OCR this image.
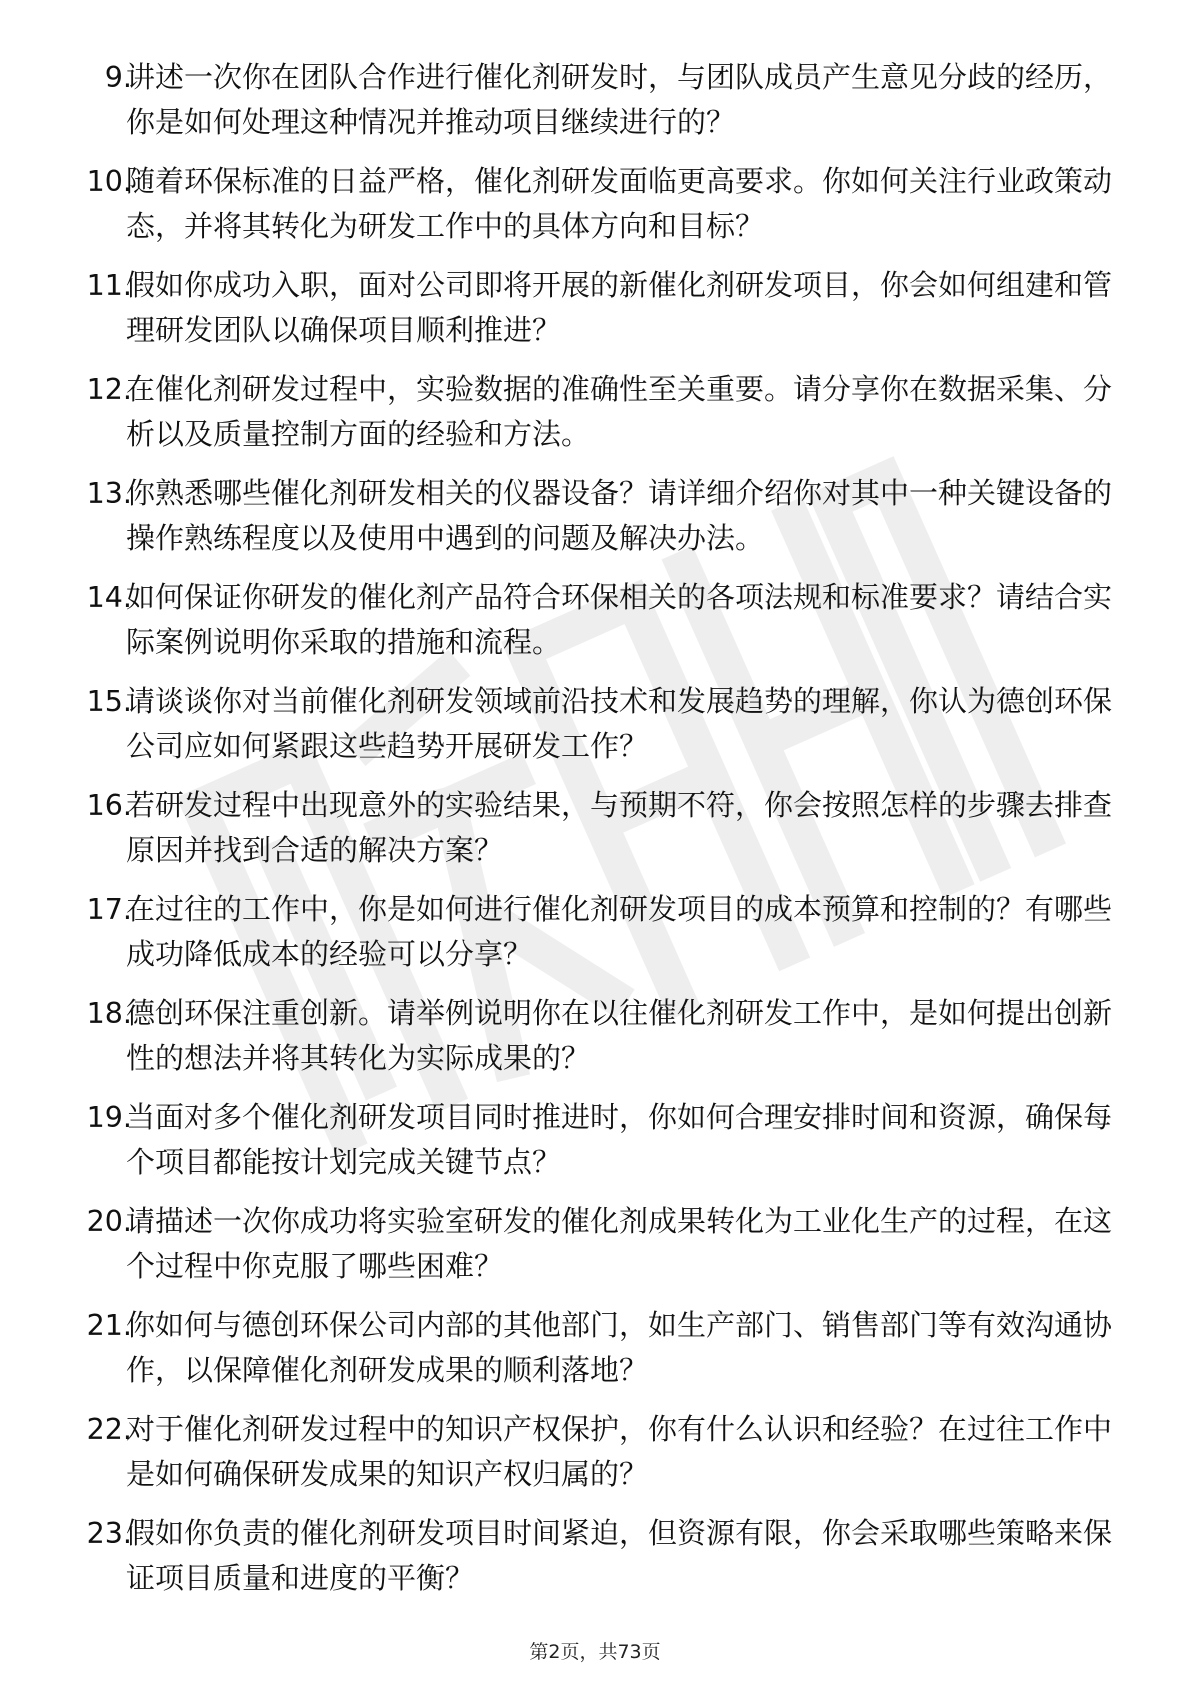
9.
讲述一次你在团队合作进行催化剂研发时，与团队成员产生意见分歧的经历，你是如何处理这种情况并推动项目继续进行的？
10.
随着环保标准的日益严格，催化剂研发面临更高要求。你如何关注行业政策动态，并将其转化为研发工作中的具体方向和目标？
11.
假如你成功入职，面对公司即将开展的新催化剂研发项目，你会如何组建和管理研发团队以确保项目顺利推进？
12.
在催化剂研发过程中，实验数据的准确性至关重要。请分享你在数据采集、分析以及质量控制方面的经验和方法。
13.
你熟悉哪些催化剂研发相关的仪器设备？请详细介绍你对其中一种关键设备的操作熟练程度以及使用中遇到的问题及解决办法。
14.
如何保证你研发的催化剂产品符合环保相关的各项法规和标准要求？请结合实际案例说明你采取的措施和流程。
15.
请谈谈你对当前催化剂研发领域前沿技术和发展趋势的理解，你认为德创环保公司应如何紧跟这些趋势开展研发工作？
16.
若研发过程中出现意外的实验结果，与预期不符，你会按照怎样的步骤去排查原因并找到合适的解决方案？
17.
在过往的工作中，你是如何进行催化剂研发项目的成本预算和控制的？有哪些成功降低成本的经验可以分享？
18.
德创环保注重创新。请举例说明你在以往催化剂研发工作中，是如何提出创新性的想法并将其转化为实际成果的？
19.
当面对多个催化剂研发项目同时推进时，你如何合理安排时间和资源，确保每个项目都能按计划完成关键节点？
20.
请描述一次你成功将实验室研发的催化剂成果转化为工业化生产的过程，在这个过程中你克服了哪些困难？
21.
你如何与德创环保公司内部的其他部门，如生产部门、销售部门等有效沟通协作，以保障催化剂研发成果的顺利落地？
22.
对于催化剂研发过程中的知识产权保护，你有什么认识和经验？在过往工作中是如何确保研发成果的知识产权归属的？
23.
假如你负责的催化剂研发项目时间紧迫，但资源有限，你会采取哪些策略来保证项目质量和进度的平衡？
第2页，共73页
